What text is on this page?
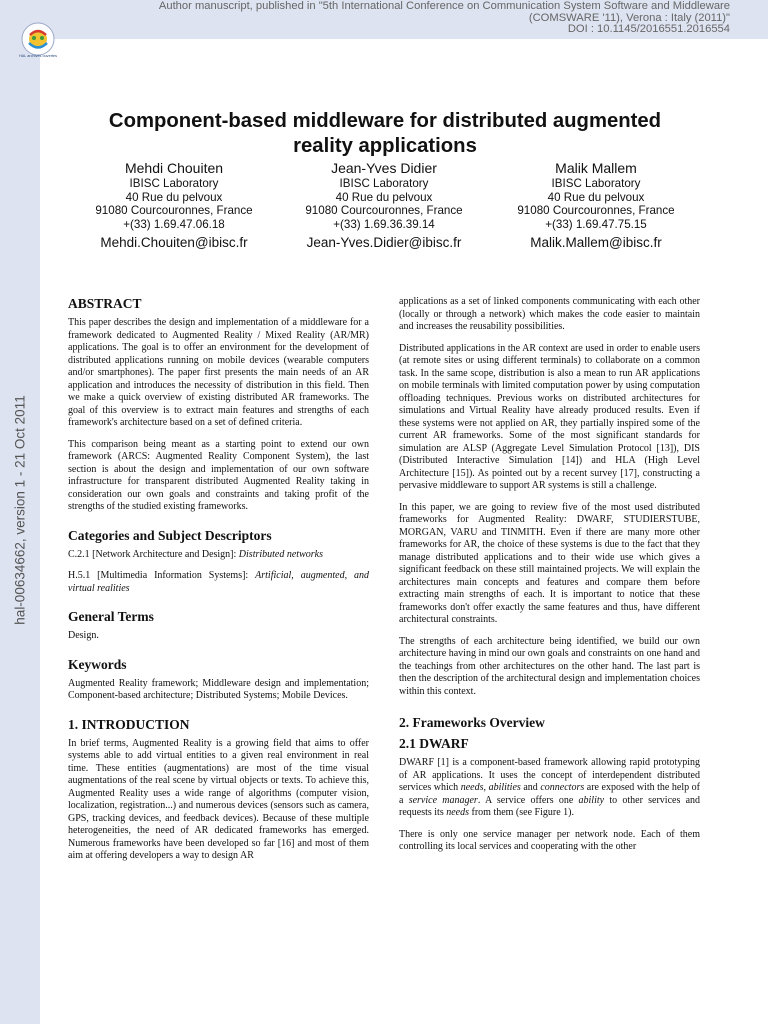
HAL archives ouvertes
Author manuscript, published in "5th International Conference on Communication System Software and Middleware
(COMSWARE '11), Verona : Italy (2011)"
DOI : 10.1145/2016551.2016554
hal-00634662, version 1 - 21 Oct 2011
Component-based middleware for distributed augmented
reality applications
Mehdi Chouiten
IBISC Laboratory
40 Rue du pelvoux
91080 Courcouronnes, France
+(33) 1.69.47.06.18
Mehdi.Chouiten@ibisc.fr
Jean-Yves Didier
IBISC Laboratory
40 Rue du pelvoux
91080 Courcouronnes, France
+(33) 1.69.36.39.14
Jean-Yves.Didier@ibisc.fr
Malik Mallem
IBISC Laboratory
40 Rue du pelvoux
91080 Courcouronnes, France
+(33) 1.69.47.75.15
Malik.Mallem@ibisc.fr
ABSTRACT

This paper describes the design and implementation of a middleware for a framework dedicated to Augmented Reality / Mixed Reality (AR/MR) applications. The goal is to offer an environment for the development of distributed applications running on mobile devices (wearable computers and/or smartphones). The paper first presents the main needs of an AR application and introduces the necessity of distribution in this field. Then we make a quick overview of existing distributed AR frameworks. The goal of this overview is to extract main features and strengths of each framework's architecture based on a set of defined criteria.

This comparison being meant as a starting point to extend our own framework (ARCS: Augmented Reality Component System), the last section is about the design and implementation of our own software infrastructure for transparent distributed Augmented Reality taking in consideration our own goals and constraints and taking profit of the strengths of the studied existing frameworks.

Categories and Subject Descriptors

C.2.1 [Network Architecture and Design]: Distributed networks

H.5.1 [Multimedia Information Systems]: Artificial, augmented, and virtual realities

General Terms

Design.

Keywords

Augmented Reality framework; Middleware design and implementation; Component-based architecture; Distributed Systems; Mobile Devices.

1. INTRODUCTION

In brief terms, Augmented Reality is a growing field that aims to offer systems able to add virtual entities to a given real environment in real time. These entities (augmentations) are most of the time visual augmentations of the real scene by virtual objects or texts. To achieve this, Augmented Reality uses a wide range of algorithms (computer vision, localization, registration...) and numerous devices (sensors such as camera, GPS, tracking devices, and feedback devices). Because of these multiple heterogeneities, the need of AR dedicated frameworks has emerged. Numerous frameworks have been developed so far [16] and most of them aim at offering developers a way to design AR

applications as a set of linked components communicating with each other (locally or through a network) which makes the code easier to maintain and increases the reusability possibilities.

Distributed applications in the AR context are used in order to enable users (at remote sites or using different terminals) to collaborate on a common task. In the same scope, distribution is also a mean to run AR applications on mobile terminals with limited computation power by using computation offloading techniques. Previous works on distributed architectures for simulations and Virtual Reality have already produced results. Even if these systems were not applied on AR, they partially inspired some of the current AR frameworks. Some of the most significant standards for simulation are ALSP (Aggregate Level Simulation Protocol [13]), DIS (Distributed Interactive Simulation [14]) and HLA (High Level Architecture [15]). As pointed out by a recent survey [17], constructing a pervasive middleware to support AR systems is still a challenge.

In this paper, we are going to review five of the most used distributed frameworks for Augmented Reality: DWARF, STUDIERSTUBE, MORGAN, VARU and TINMITH. Even if there are many more other frameworks for AR, the choice of these systems is due to the fact that they manage distributed applications and to their wide use which gives a significant feedback on these still maintained projects. We will explain the architectures main concepts and features and compare them before extracting main strengths of each. It is important to notice that these frameworks don't offer exactly the same features and thus, have different architectural constraints.

The strengths of each architecture being identified, we build our own architecture having in mind our own goals and constraints on one hand and the teachings from other architectures on the other hand. The last part is then the description of the architectural design and implementation choices within this context.

2. Frameworks Overview
2.1 DWARF

DWARF [1] is a component-based framework allowing rapid prototyping of AR applications. It uses the concept of interdependent distributed services which needs, abilities and connectors are exposed with the help of a service manager. A service offers one ability to other services and requests its needs from them (see Figure 1).

There is only one service manager per network node. Each of them controlling its local services and cooperating with the other
